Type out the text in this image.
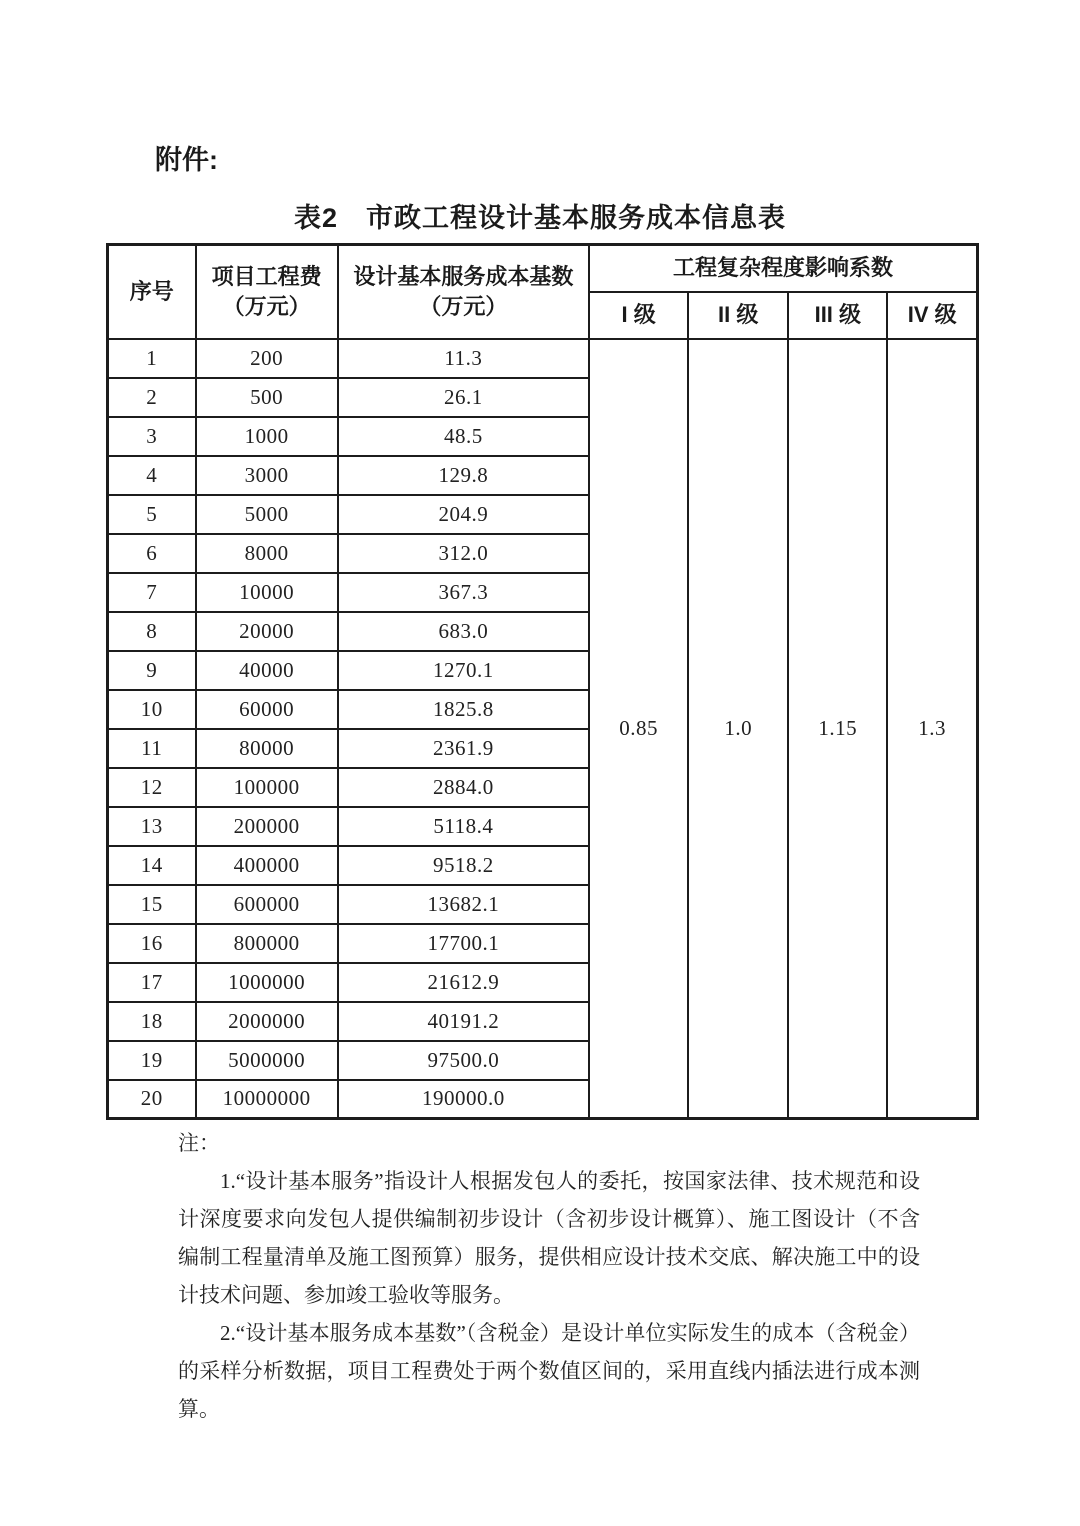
附件:
表2　市政工程设计基本服务成本信息表
序号	
项目工程费
（万元）

设计基本服务成本基数
（万元）
	工程复杂程度影响系数
			I 级	II 级	III 级	IV 级
1	200	11.3	0.85	1.0	1.15	1.3
2	500	26.1				
3	1000	48.5				
4	3000	129.8				
5	5000	204.9				
6	8000	312.0				
7	10000	367.3				
8	20000	683.0				
9	40000	1270.1				
10	60000	1825.8				
11	80000	2361.9				
12	100000	2884.0				
13	200000	5118.4				
14	400000	9518.2				
15	600000	13682.1				
16	800000	17700.1				
17	1000000	21612.9				
18	2000000	40191.2				
19	5000000	97500.0				
20	10000000	190000.0				

注：

1.“设计基本服务”指设计人根据发包人的委托，按国家法律、技术规范和设计深度要求向发包人提供编制初步设计（含初步设计概算）、施工图设计（不含编制工程量清单及施工图预算）服务，提供相应设计技术交底、解决施工中的设计技术问题、参加竣工验收等服务。

2.“设计基本服务成本基数”（含税金）是设计单位实际发生的成本（含税金）的采样分析数据，项目工程费处于两个数值区间的，采用直线内插法进行成本测算。
